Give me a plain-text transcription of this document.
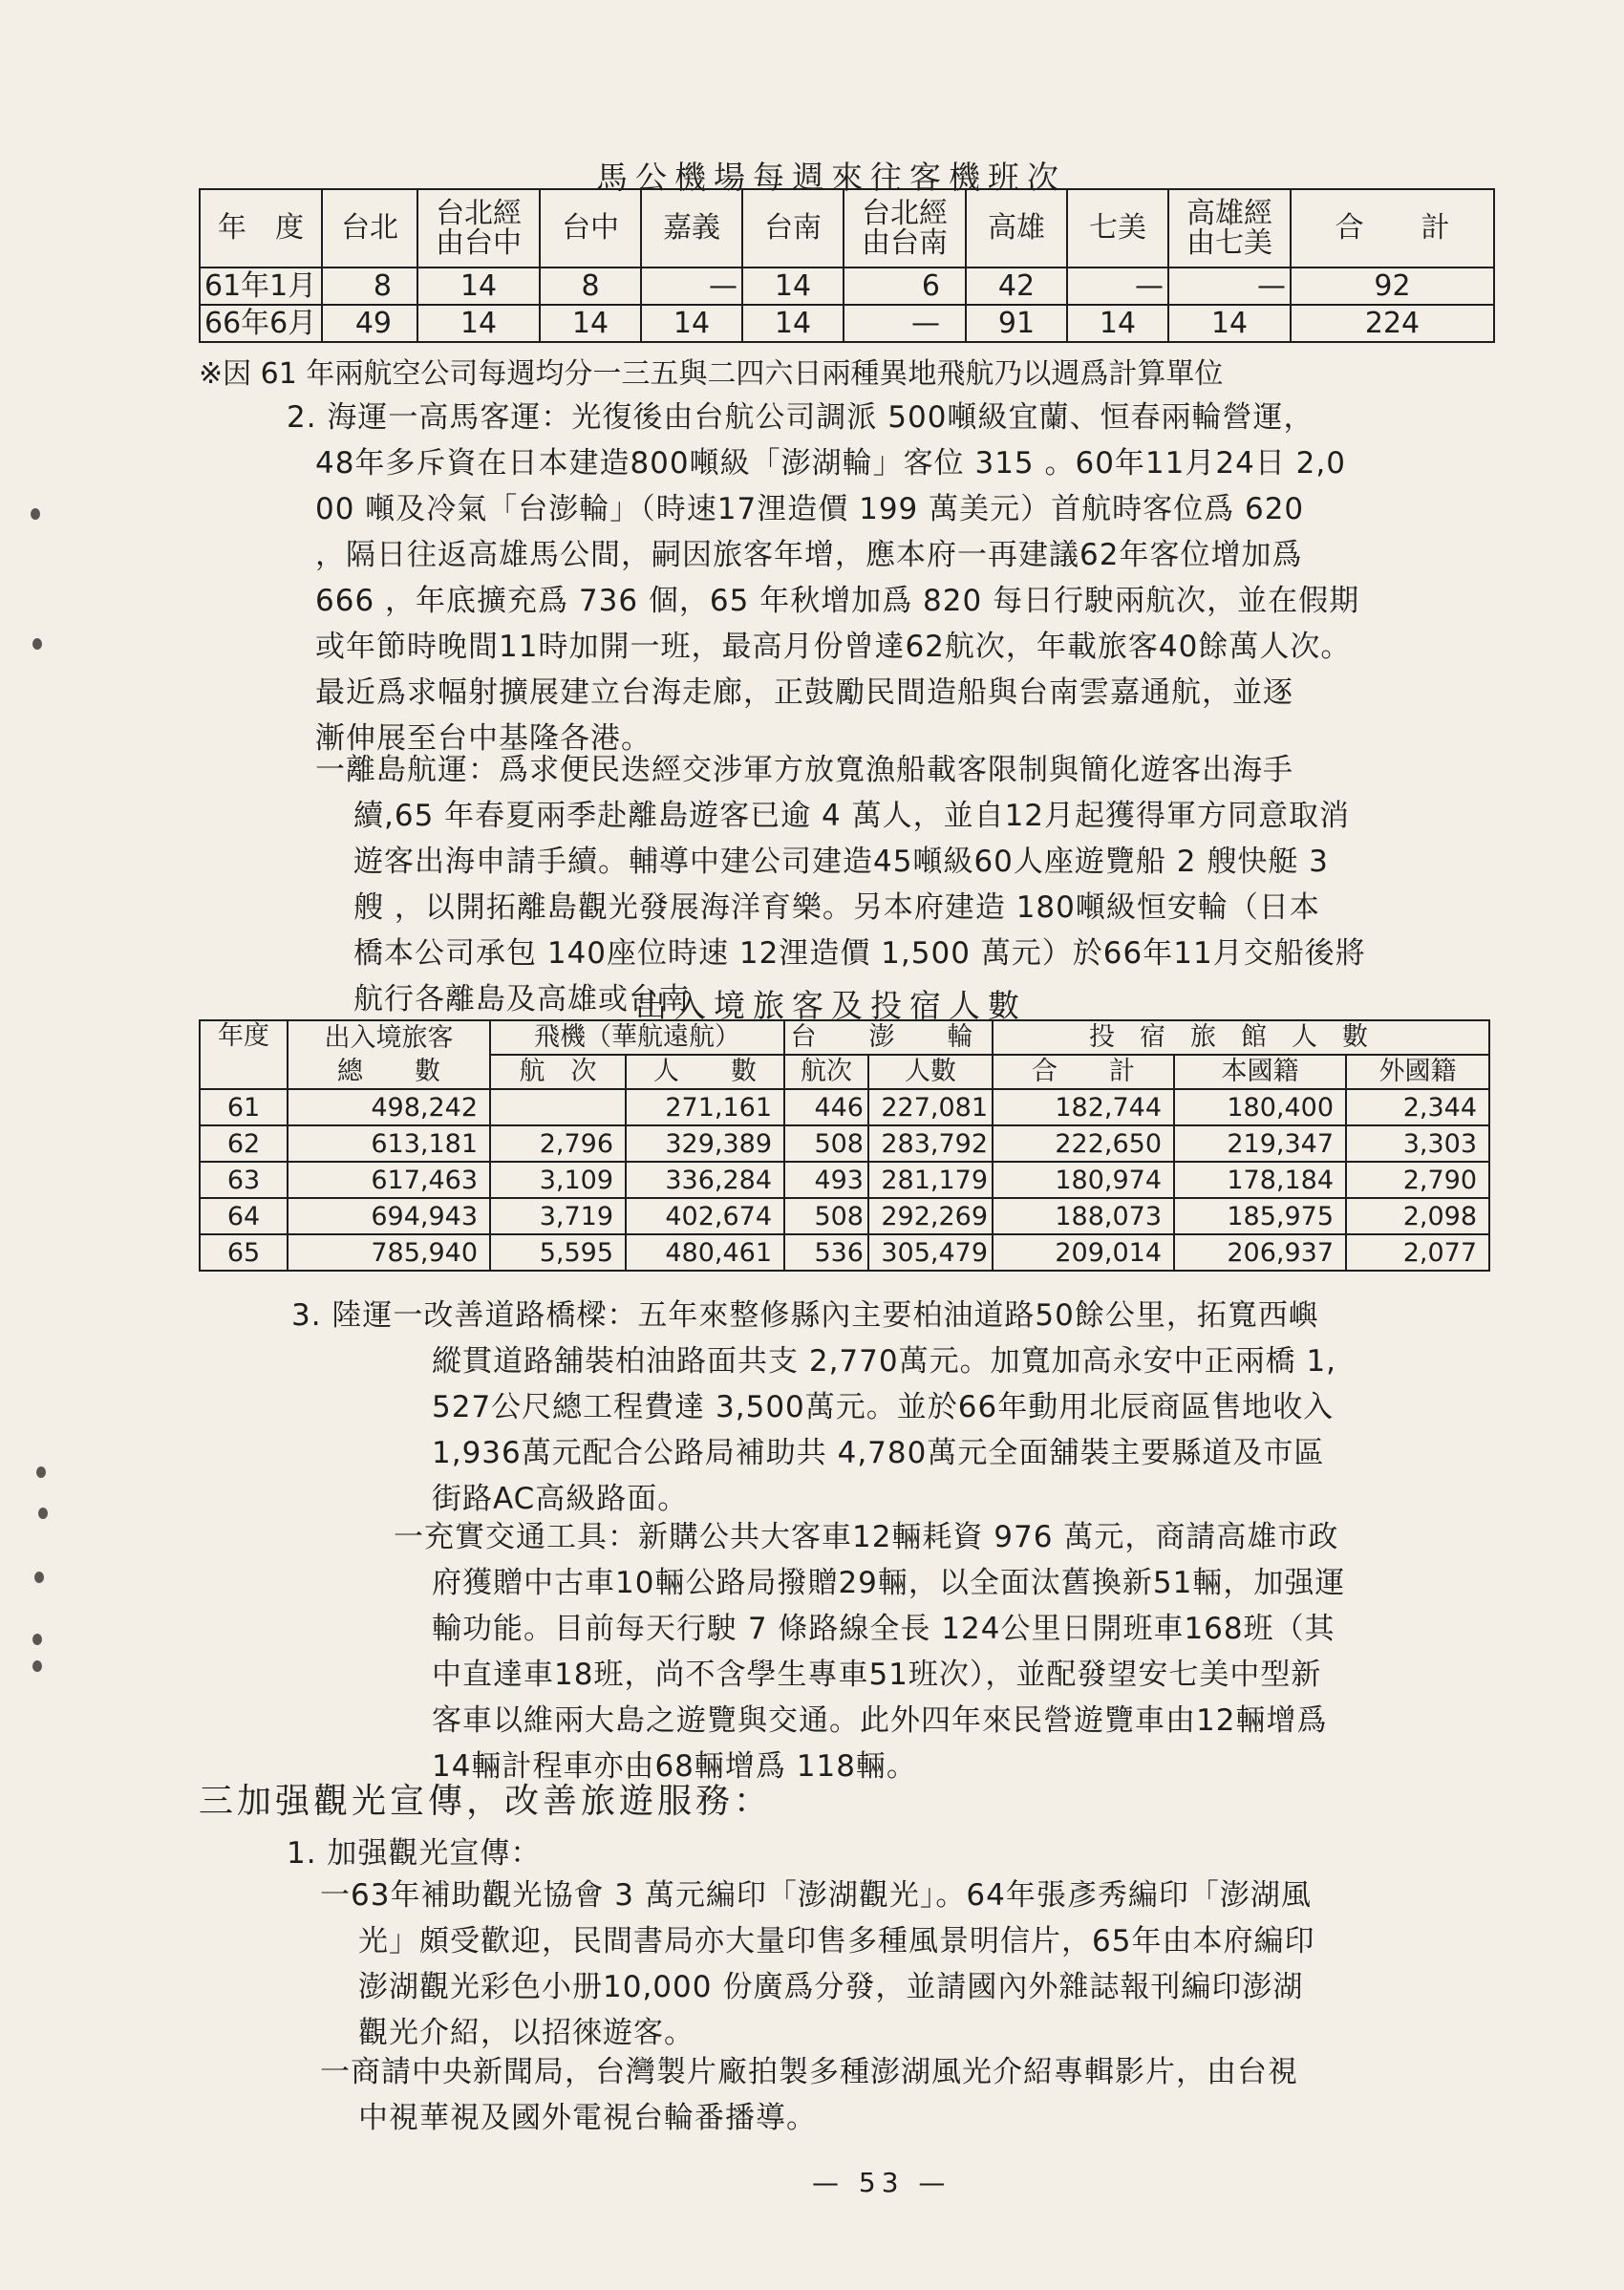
馬公機場每週來往客機班次
年　度	台北	台北經由台中	台中	嘉義	台南	台北經由台南	高雄	七美	高雄經由七美	合　　計
61年1月	8	14	8	—	14	6	42	—	—	92
66年6月	49	14	14	14	14	—	91	14	14	224
※因 61 年兩航空公司每週均分一三五與二四六日兩種異地飛航乃以週爲計算單位
2. 海運一高馬客運：光復後由台航公司調派 500噸級宜蘭、恒春兩輪營運，
48年多斥資在日本建造800噸級「澎湖輪」客位 315 。60年11月24日 2,0
00 噸及冷氣「台澎輪」（時速17浬造價 199 萬美元）首航時客位爲 620
，隔日往返高雄馬公間，嗣因旅客年增，應本府一再建議62年客位增加爲
666 ，年底擴充爲 736 個，65 年秋增加爲 820 每日行駛兩航次，並在假期
或年節時晚間11時加開一班，最高月份曾達62航次，年載旅客40餘萬人次。
最近爲求幅射擴展建立台海走廊，正鼓勵民間造船與台南雲嘉通航，並逐
漸伸展至台中基隆各港。
一離島航運：爲求便民迭經交涉軍方放寬漁船載客限制與簡化遊客出海手
續,65 年春夏兩季赴離島遊客已逾 4 萬人，並自12月起獲得軍方同意取消
遊客出海申請手續。輔導中建公司建造45噸級60人座遊覽船 2 艘快艇 3
艘 ，以開拓離島觀光發展海洋育樂。另本府建造 180噸級恒安輪（日本
橋本公司承包 140座位時速 12浬造價 1,500 萬元）於66年11月交船後將
航行各離島及高雄或台南
出入境旅客及投宿人數
年度	出入境旅客	飛機（華航遠航）		台　澎　輪		投宿旅館人數		
	總　　數	航　次	人　　數	航次	人數	合　　計	本國籍	外國籍
61	498,242		271,161	446	227,081	182,744	180,400	2,344
62	613,181	2,796	329,389	508	283,792	222,650	219,347	3,303
63	617,463	3,109	336,284	493	281,179	180,974	178,184	2,790
64	694,943	3,719	402,674	508	292,269	188,073	185,975	2,098
65	785,940	5,595	480,461	536	305,479	209,014	206,937	2,077
3. 陸運一改善道路橋樑：五年來整修縣內主要柏油道路50餘公里，拓寬西嶼
縱貫道路舖裝柏油路面共支 2,770萬元。加寬加高永安中正兩橋 1,
527公尺總工程費達 3,500萬元。並於66年動用北辰商區售地收入
1,936萬元配合公路局補助共 4,780萬元全面舖裝主要縣道及市區
街路AC高級路面。
一充實交通工具：新購公共大客車12輛耗資 976 萬元，商請高雄市政
府獲贈中古車10輛公路局撥贈29輛，以全面汰舊換新51輛，加强運
輸功能。目前每天行駛 7 條路線全長 124公里日開班車168班（其
中直達車18班，尚不含學生專車51班次），並配發望安七美中型新
客車以維兩大島之遊覽與交通。此外四年來民營遊覽車由12輛增爲
14輛計程車亦由68輛增爲 118輛。
三加强觀光宣傳，改善旅遊服務：
1. 加强觀光宣傳：
一63年補助觀光協會 3 萬元編印「澎湖觀光」。64年張彥秀編印「澎湖風
光」頗受歡迎，民間書局亦大量印售多種風景明信片，65年由本府編印
澎湖觀光彩色小册10,000 份廣爲分發，並請國內外雜誌報刊編印澎湖
觀光介紹，以招徠遊客。
一商請中央新聞局，台灣製片廠拍製多種澎湖風光介紹專輯影片，由台視
中視華視及國外電視台輪番播導。
— 53 —
